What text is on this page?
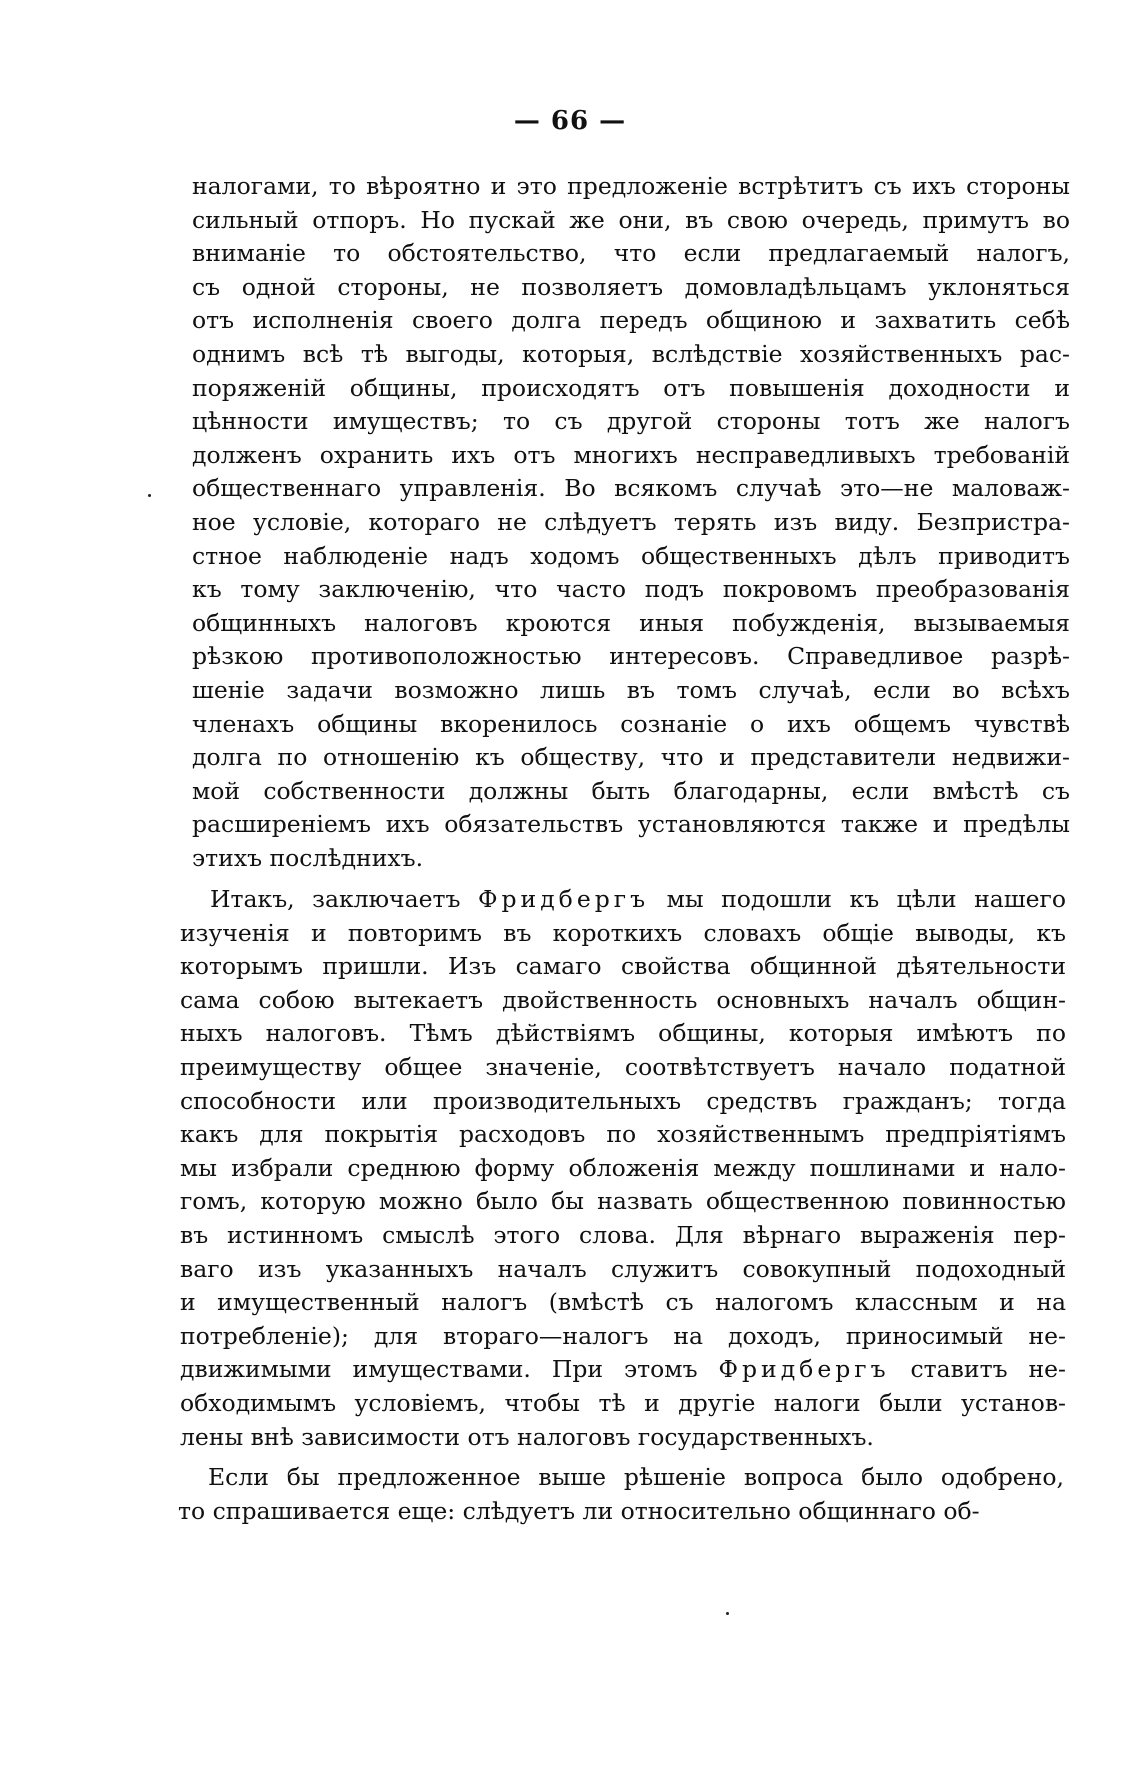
— 66 —
налогами, то вѣроятно и это предложеніе встрѣтитъ съ ихъ стороны
сильный отпоръ. Но пускай же они, въ свою очередь, примутъ во
вниманіе то обстоятельство, что если предлагаемый налогъ,
съ одной стороны, не позволяетъ домовладѣльцамъ уклоняться
отъ исполненія своего долга передъ общиною и захватить себѣ
однимъ всѣ тѣ выгоды, которыя, вслѣдствіе хозяйственныхъ рас-
поряженій общины, происходятъ отъ повышенія доходности и
цѣнности имуществъ; то съ другой стороны тотъ же налогъ
долженъ охранить ихъ отъ многихъ несправедливыхъ требованій
общественнаго управленія. Во всякомъ случаѣ это—не маловаж-
ное условіе, котораго не слѣдуетъ терять изъ виду. Безпристра-
стное наблюденіе надъ ходомъ общественныхъ дѣлъ приводитъ
къ тому заключенію, что часто подъ покровомъ преобразованія
общинныхъ налоговъ кроются иныя побужденія, вызываемыя
рѣзкою противоположностью интересовъ. Справедливое разрѣ-
шеніе задачи возможно лишь въ томъ случаѣ, если во всѣхъ
членахъ общины вкоренилось сознаніе о ихъ общемъ чувствѣ
долга по отношенію къ обществу, что и представители недвижи-
мой собственности должны быть благодарны, если вмѣстѣ съ
расширеніемъ ихъ обязательствъ установляются также и предѣлы
этихъ послѣднихъ.
Итакъ, заключаетъ Фридбергъ мы подошли къ цѣли нашего
изученія и повторимъ въ короткихъ словахъ общіе выводы, къ
которымъ пришли. Изъ самаго свойства общинной дѣятельности
сама собою вытекаетъ двойственность основныхъ началъ общин-
ныхъ налоговъ. Тѣмъ дѣйствіямъ общины, которыя имѣютъ по
преимуществу общее значеніе, соотвѣтствуетъ начало податной
способности или производительныхъ средствъ гражданъ; тогда
какъ для покрытія расходовъ по хозяйственнымъ предпріятіямъ
мы избрали среднюю форму обложенія между пошлинами и нало-
гомъ, которую можно было бы назвать общественною повинностью
въ истинномъ смыслѣ этого слова. Для вѣрнаго выраженія пер-
ваго изъ указанныхъ началъ служитъ совокупный подоходный
и имущественный налогъ (вмѣстѣ съ налогомъ классным и на
потребленіе); для втораго—налогъ на доходъ, приносимый не-
движимыми имуществами. При этомъ Фридбергъ ставитъ не-
обходимымъ условіемъ, чтобы тѣ и другіе налоги были установ-
лены внѣ зависимости отъ налоговъ государственныхъ.
Если бы предложенное выше рѣшеніе вопроса было одобрено,
то спрашивается еще: слѣдуетъ ли относительно общиннаго об-
